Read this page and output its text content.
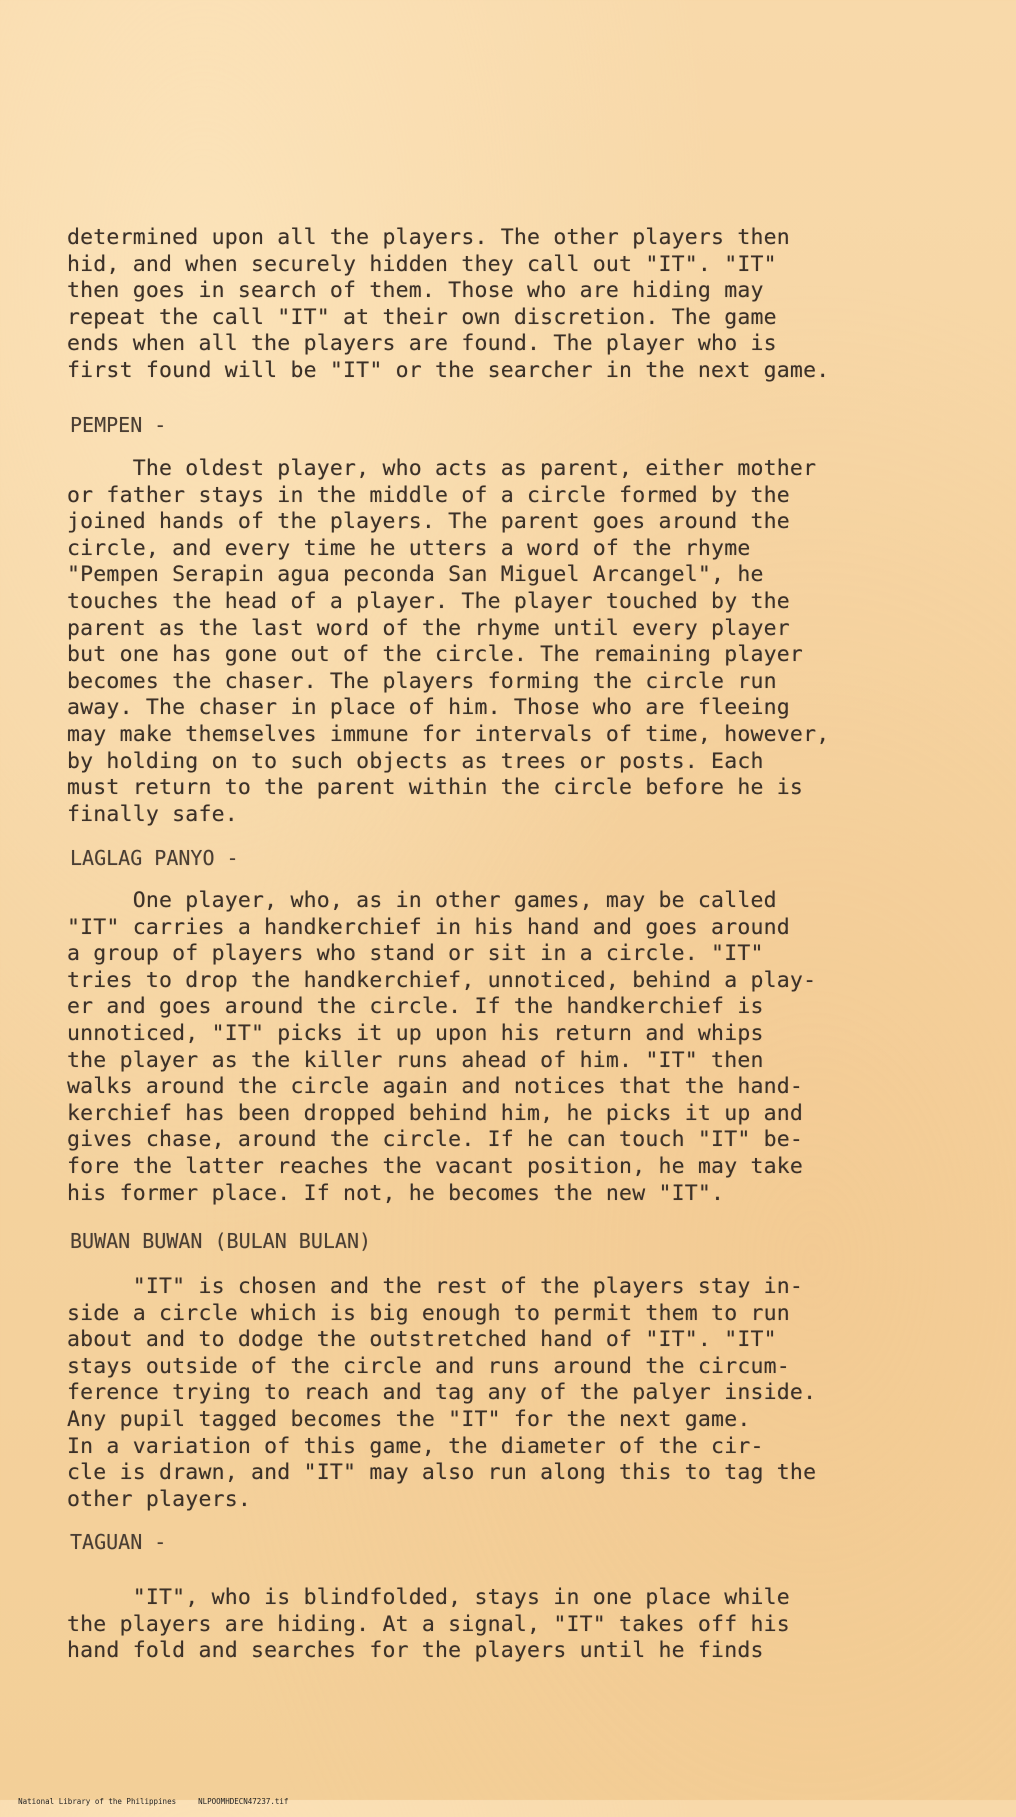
determined upon all the players. The other players then
hid, and when securely hidden they call out "IT". "IT"
then goes in search of them. Those who are hiding may
repeat the call "IT" at their own discretion. The game
ends when all the players are found. The player who is
first found will be "IT" or the searcher in the next game.
PEMPEN -
The oldest player, who acts as parent, either mother
or father stays in the middle of a circle formed by the
joined hands of the players. The parent goes around the
circle, and every time he utters a word of the rhyme
"Pempen Serapin agua peconda San Miguel Arcangel", he
touches the head of a player. The player touched by the
parent as the last word of the rhyme until every player
but one has gone out of the circle. The remaining player
becomes the chaser. The players forming the circle run
away. The chaser in place of him. Those who are fleeing
may make themselves immune for intervals of time, however,
by holding on to such objects as trees or posts. Each
must return to the parent within the circle before he is
finally safe.
LAGLAG PANYO -
One player, who, as in other games, may be called
"IT" carries a handkerchief in his hand and goes around
a group of players who stand or sit in a circle. "IT"
tries to drop the handkerchief, unnoticed, behind a play-
er and goes around the circle. If the handkerchief is
unnoticed, "IT" picks it up upon his return and whips
the player as the killer runs ahead of him. "IT" then
walks around the circle again and notices that the hand-
kerchief has been dropped behind him, he picks it up and
gives chase, around the circle. If he can touch "IT" be-
fore the latter reaches the vacant position, he may take
his former place. If not, he becomes the new "IT".
BUWAN BUWAN (BULAN BULAN)
"IT" is chosen and the rest of the players stay in-
side a circle which is big enough to permit them to run
about and to dodge the outstretched hand of "IT". "IT"
stays outside of the circle and runs around the circum-
ference trying to reach and tag any of the palyer inside.
Any pupil tagged becomes the "IT" for the next game.
In a variation of this game, the diameter of the cir-
cle is drawn, and "IT" may also run along this to tag the
other players.
TAGUAN -
"IT", who is blindfolded, stays in one place while
the players are hiding. At a signal, "IT" takes off his
hand fold and searches for the players until he finds

National Library of the Philippines	NLPOOMHDECN47237.tif
